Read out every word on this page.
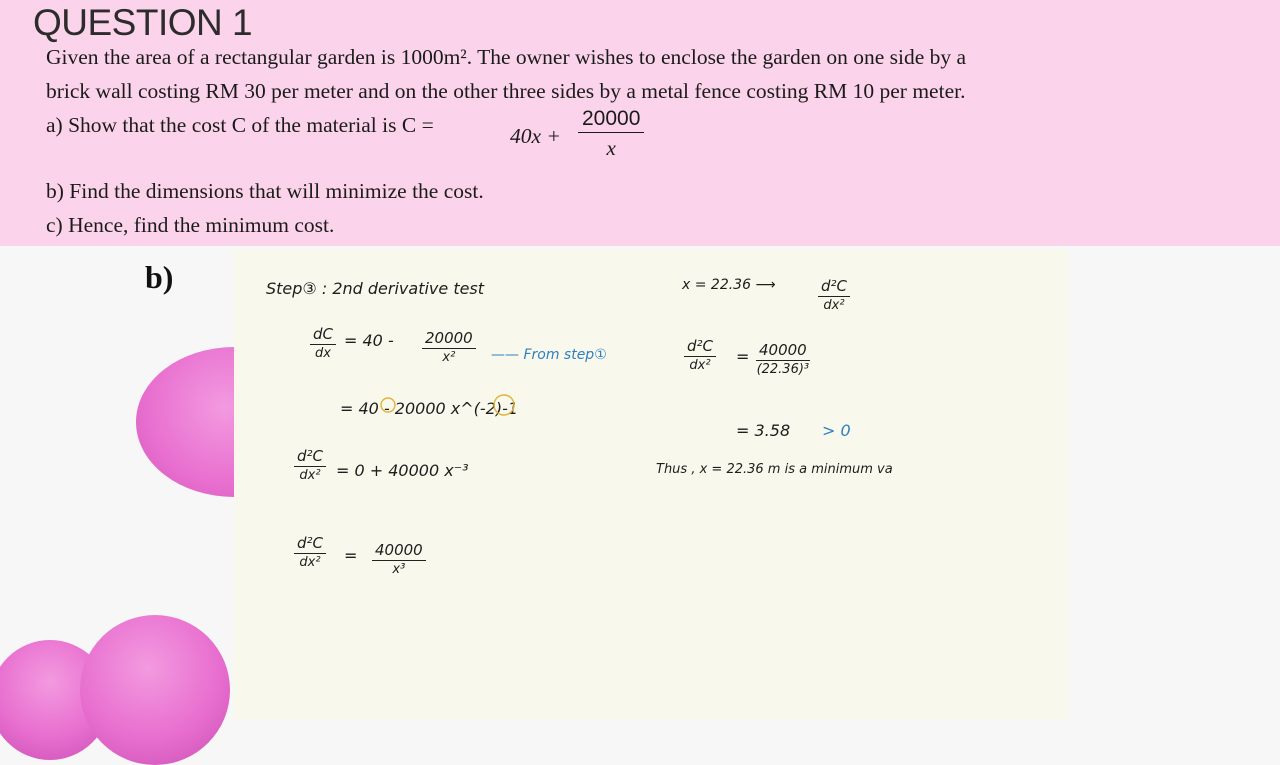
QUESTION 1
Given the area of a rectangular garden is 1000m². The owner wishes to enclose the garden on one side by a
brick wall costing RM 30 per meter and on the other three sides by a metal fence costing RM 10 per meter.
a) Show that the cost C of the material is C =	$40x + \frac{20000}{x}$
b) Find the dimensions that will minimize the cost.
c) Hence, find the minimum cost.
b)	Step③ : 2nd derivative test
$\frac{dC}{dx} = 40 - \frac{20000}{\text{x²}}$ —— From step①
= 40 - 20000 x^(-2)-1
$\frac{\text{d²C}}{\text{dx²}} = 0 + 40000$ x⁻³
$\frac{\text{d²C}}{\text{dx²}} = \frac{40000}{\text{x³}}$
x = 22.36 ⟶	$\frac{\text{d²C}}{\text{dx²}}$
$\frac{\text{d²C}}{\text{dx²}} = \frac{40000}{\text{(22.36)³}}$
= 3.58 > 0
Thus , x = 22.36 m is a minimum va
